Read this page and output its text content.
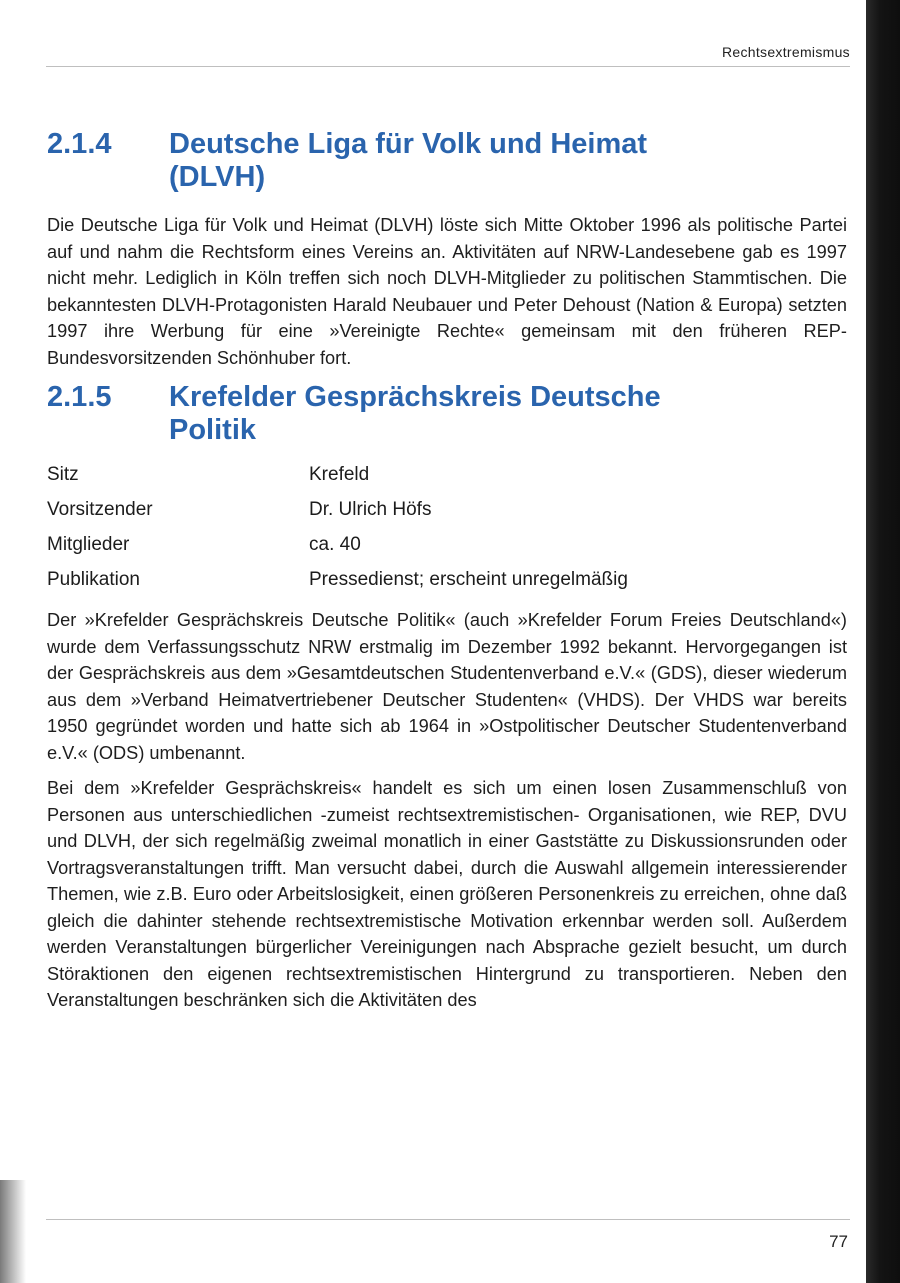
Rechtsextremismus
2.1.4	Deutsche Liga für Volk und Heimat (DLVH)

Die Deutsche Liga für Volk und Heimat (DLVH) löste sich Mitte Oktober 1996 als politische Partei auf und nahm die Rechtsform eines Vereins an. Aktivitäten auf NRW-Landesebene gab es 1997 nicht mehr. Lediglich in Köln treffen sich noch DLVH-Mitglieder zu politischen Stammtischen. Die bekanntesten DLVH-Protagonisten Harald Neubauer und Peter Dehoust (Nation & Europa) setzten 1997 ihre Werbung für eine »Vereinigte Rechte« gemeinsam mit den früheren REP-Bundesvorsitzenden Schönhuber fort.

2.1.5	Krefelder Gesprächskreis Deutsche Politik
Sitz	Krefeld
Vorsitzender	Dr. Ulrich Höfs
Mitglieder	ca. 40
Publikation	Pressedienst; erscheint unregelmäßig

Der »Krefelder Gesprächskreis Deutsche Politik« (auch »Krefelder Forum Freies Deutschland«) wurde dem Verfassungsschutz NRW erstmalig im Dezember 1992 bekannt. Hervorgegangen ist der Gesprächskreis aus dem »Gesamtdeutschen Studentenverband e.V.« (GDS), dieser wiederum aus dem »Verband Heimatvertriebener Deutscher Studenten« (VHDS). Der VHDS war bereits 1950 gegründet worden und hatte sich ab 1964 in »Ostpolitischer Deutscher Studentenverband e.V.« (ODS) umbenannt.

Bei dem »Krefelder Gesprächskreis« handelt es sich um einen losen Zusammenschluß von Personen aus unterschiedlichen -zumeist rechtsextremistischen- Organisationen, wie REP, DVU und DLVH, der sich regelmäßig zweimal monatlich in einer Gaststätte zu Diskussionsrunden oder Vortragsveranstaltungen trifft. Man versucht dabei, durch die Auswahl allgemein interessierender Themen, wie z.B. Euro oder Arbeitslosigkeit, einen größeren Personenkreis zu erreichen, ohne daß gleich die dahinter stehende rechtsextremistische Motivation erkennbar werden soll. Außerdem werden Veranstaltungen bürgerlicher Vereinigungen nach Absprache gezielt besucht, um durch Störaktionen den eigenen rechtsextremistischen Hintergrund zu transportieren. Neben den Veranstaltungen beschränken sich die Aktivitäten des

77
